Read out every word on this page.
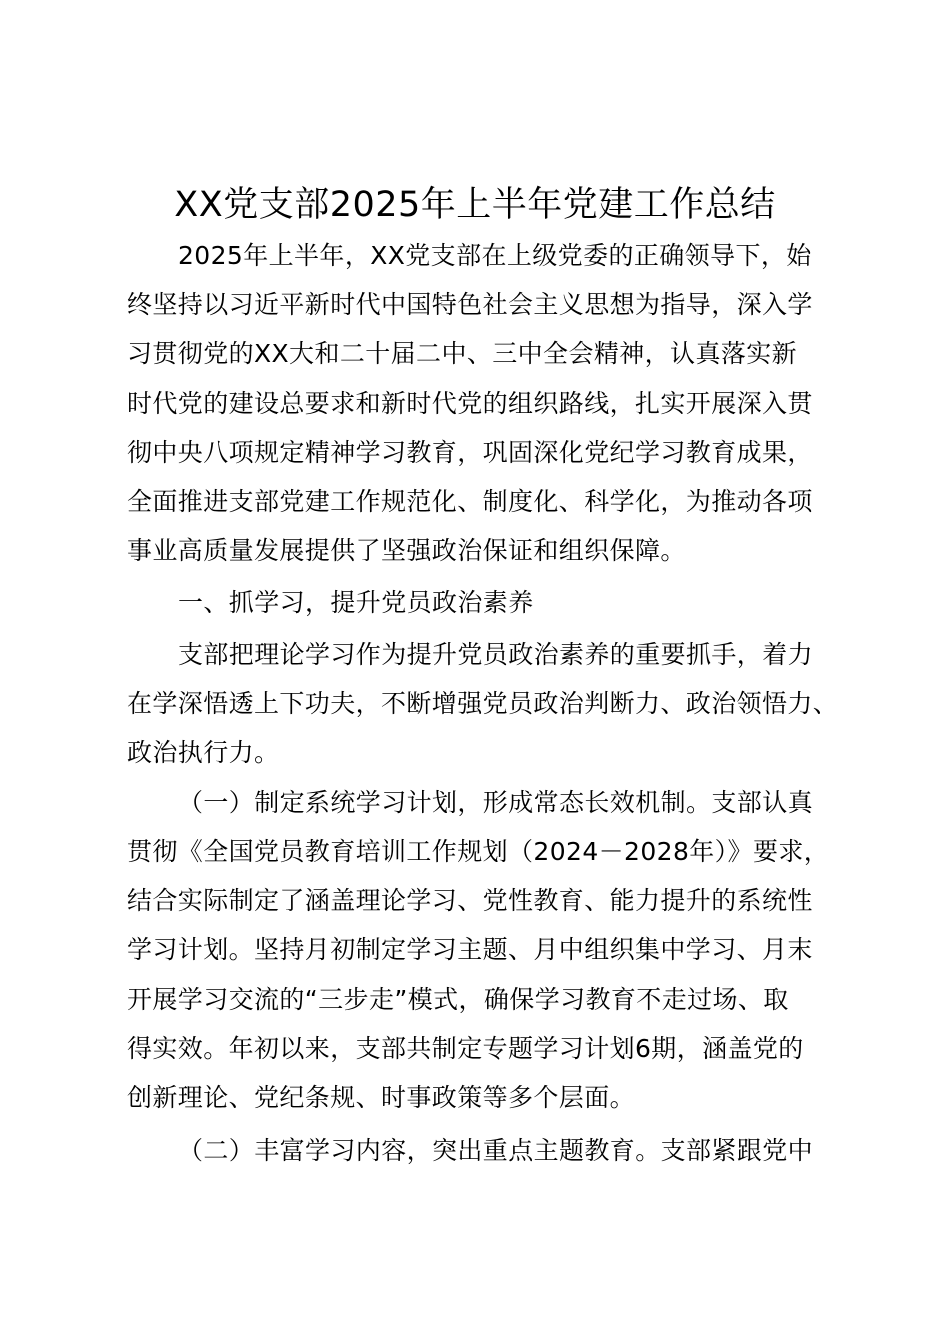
XX党支部2025年上半年党建工作总结
2025年上半年，XX党支部在上级党委的正确领导下，始
终坚持以习近平新时代中国特色社会主义思想为指导，深入学
习贯彻党的XX大和二十届二中、三中全会精神，认真落实新
时代党的建设总要求和新时代党的组织路线，扎实开展深入贯
彻中央八项规定精神学习教育，巩固深化党纪学习教育成果，
全面推进支部党建工作规范化、制度化、科学化，为推动各项
事业高质量发展提供了坚强政治保证和组织保障。
一、抓学习，提升党员政治素养
支部把理论学习作为提升党员政治素养的重要抓手，着力
在学深悟透上下功夫，不断增强党员政治判断力、政治领悟力、
政治执行力。
（一）制定系统学习计划，形成常态长效机制。支部认真
贯彻《全国党员教育培训工作规划（2024－2028年）》要求，
结合实际制定了涵盖理论学习、党性教育、能力提升的系统性
学习计划。坚持月初制定学习主题、月中组织集中学习、月末
开展学习交流的“三步走”模式，确保学习教育不走过场、取
得实效。年初以来，支部共制定专题学习计划6期，涵盖党的
创新理论、党纪条规、时事政策等多个层面。
（二）丰富学习内容，突出重点主题教育。支部紧跟党中
